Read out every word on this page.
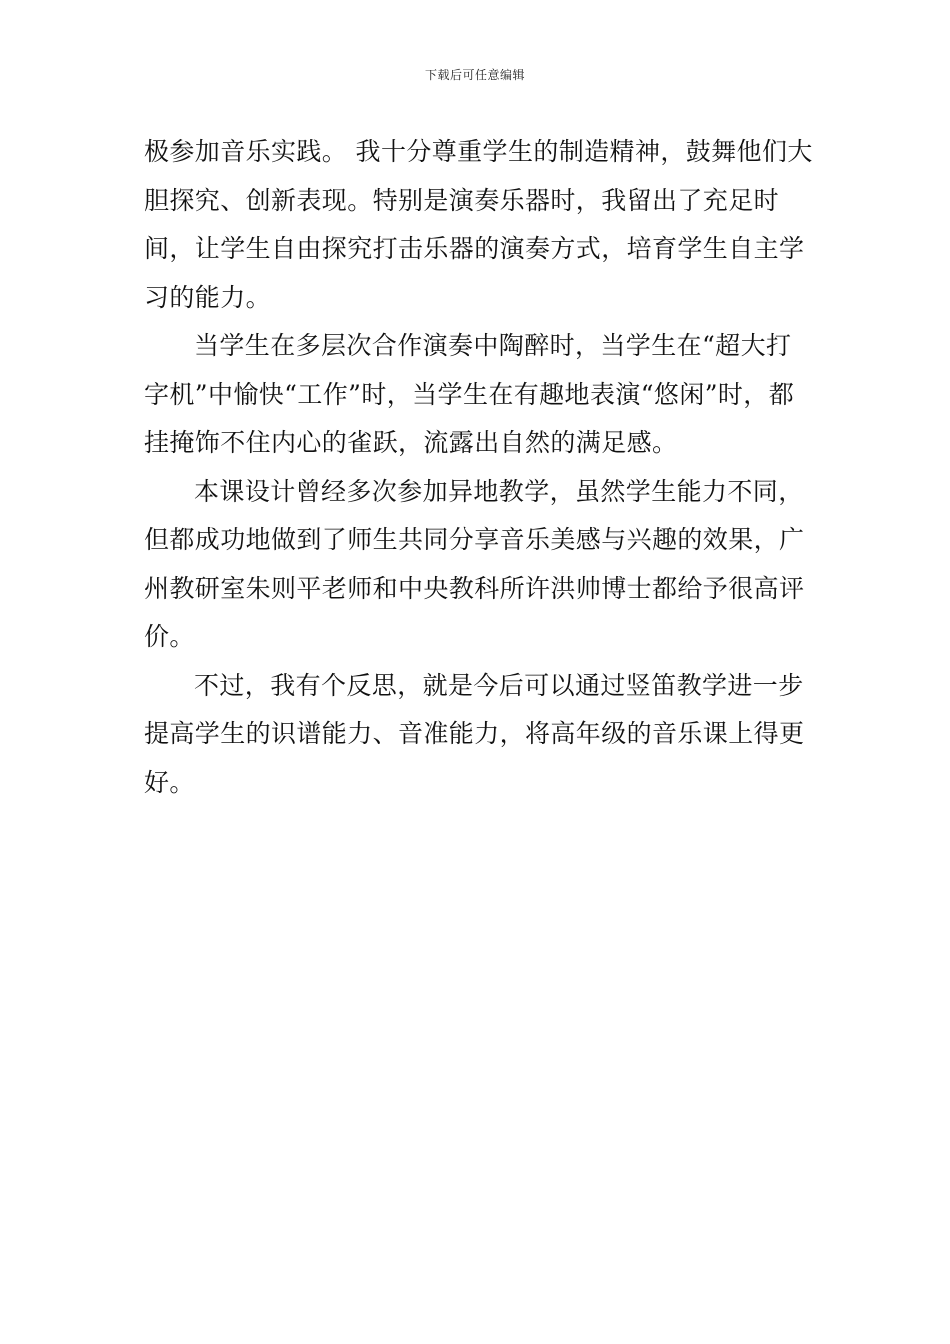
下载后可任意编辑

极参加音乐实践。 我十分尊重学生的制造精神，鼓舞他们大胆探究、创新表现。特别是演奏乐器时，我留出了充足时间，让学生自由探究打击乐器的演奏方式，培育学生自主学习的能力。

当学生在多层次合作演奏中陶醉时，当学生在“超大打字机”中愉快“工作”时，当学生在有趣地表演“悠闲”时，都挂掩饰不住内心的雀跃，流露出自然的满足感。

本课设计曾经多次参加异地教学，虽然学生能力不同，但都成功地做到了师生共同分享音乐美感与兴趣的效果，广州教研室朱则平老师和中央教科所许洪帅博士都给予很高评价。

不过，我有个反思，就是今后可以通过竖笛教学进一步提高学生的识谱能力、音准能力，将高年级的音乐课上得更好。
